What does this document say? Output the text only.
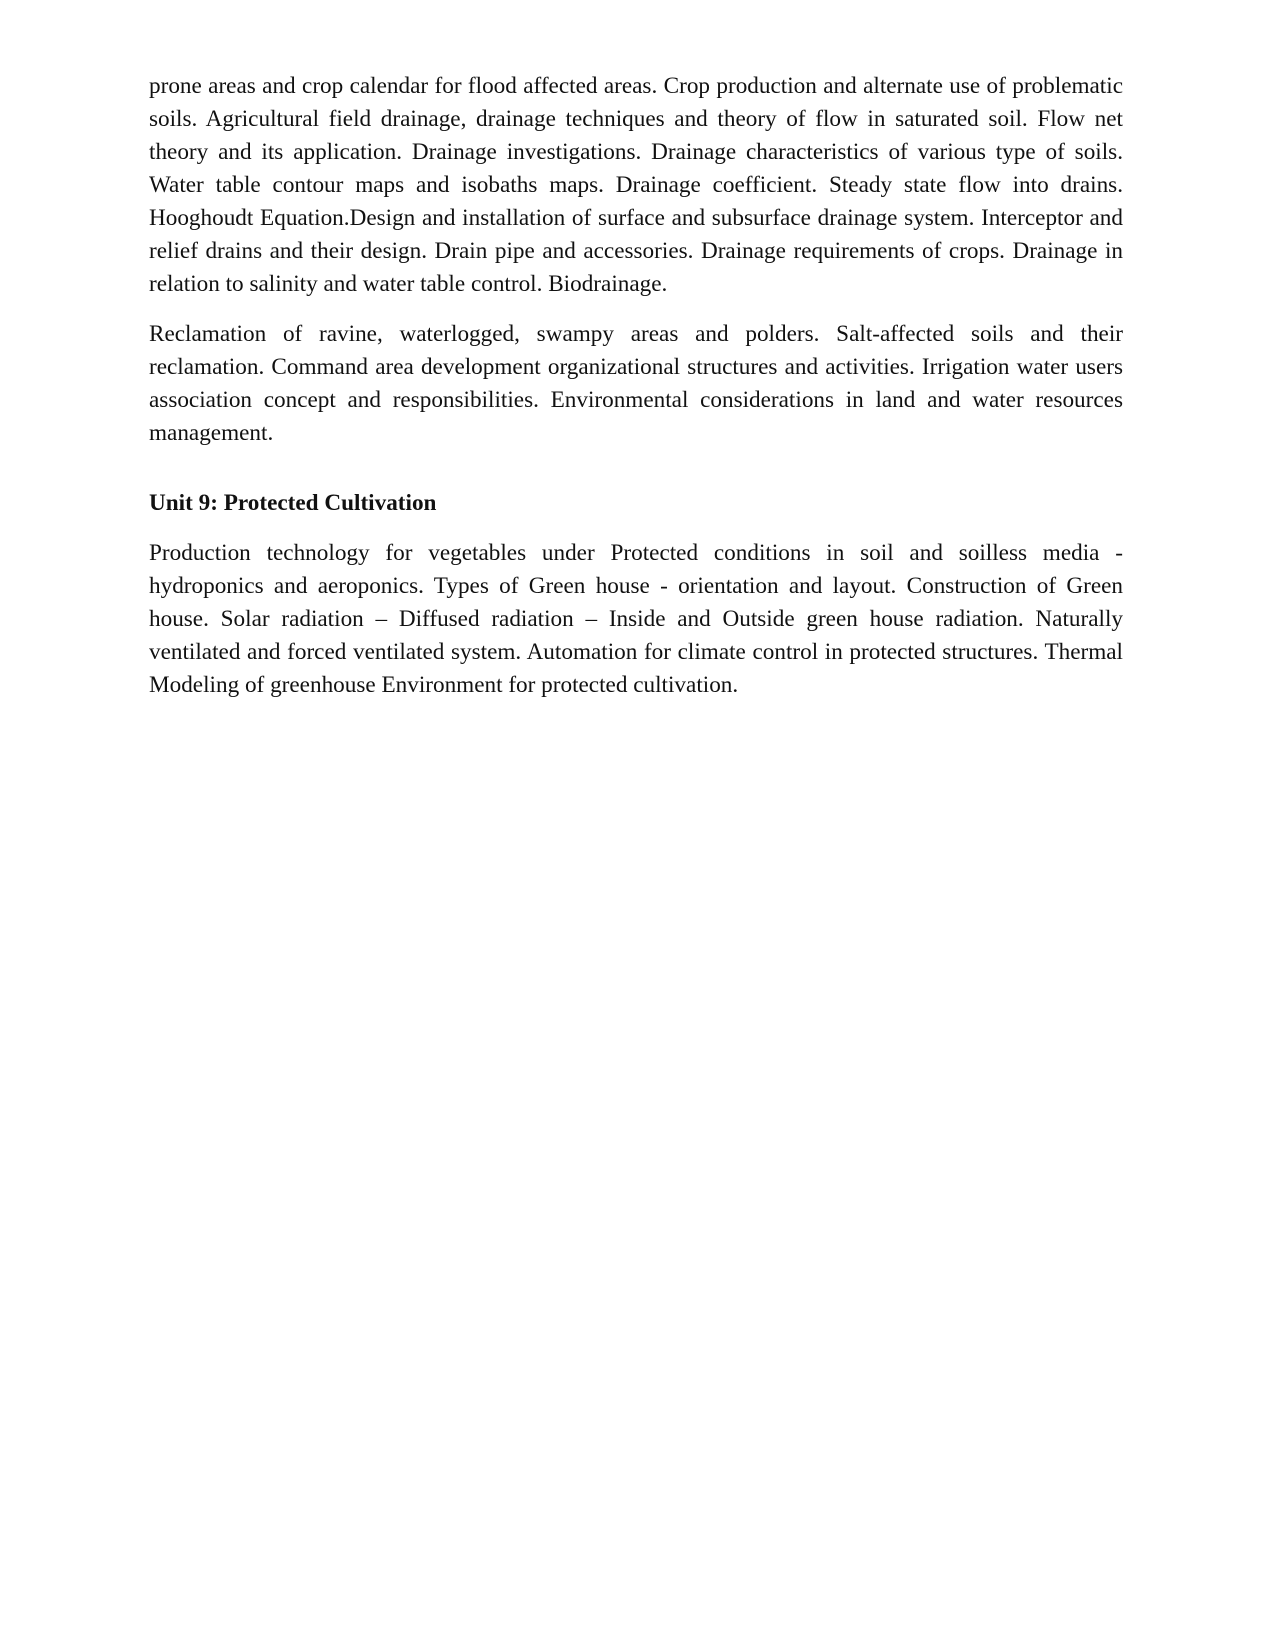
prone areas and crop calendar for flood affected areas. Crop production and alternate use of problematic soils. Agricultural field drainage, drainage techniques and theory of flow in saturated soil. Flow net theory and its application. Drainage investigations. Drainage characteristics of various type of soils. Water table contour maps and isobaths maps. Drainage coefficient. Steady state flow into drains. Hooghoudt Equation.Design and installation of surface and subsurface drainage system. Interceptor and relief drains and their design. Drain pipe and accessories. Drainage requirements of crops. Drainage in relation to salinity and water table control. Biodrainage.

Reclamation of ravine, waterlogged, swampy areas and polders. Salt-affected soils and their reclamation. Command area development organizational structures and activities. Irrigation water users association concept and responsibilities. Environmental considerations in land and water resources management.

Unit 9: Protected Cultivation

Production technology for vegetables under Protected conditions in soil and soilless media - hydroponics and aeroponics. Types of Green house - orientation and layout. Construction of Green house. Solar radiation – Diffused radiation – Inside and Outside green house radiation. Naturally ventilated and forced ventilated system. Automation for climate control in protected structures. Thermal Modeling of greenhouse Environment for protected cultivation.
